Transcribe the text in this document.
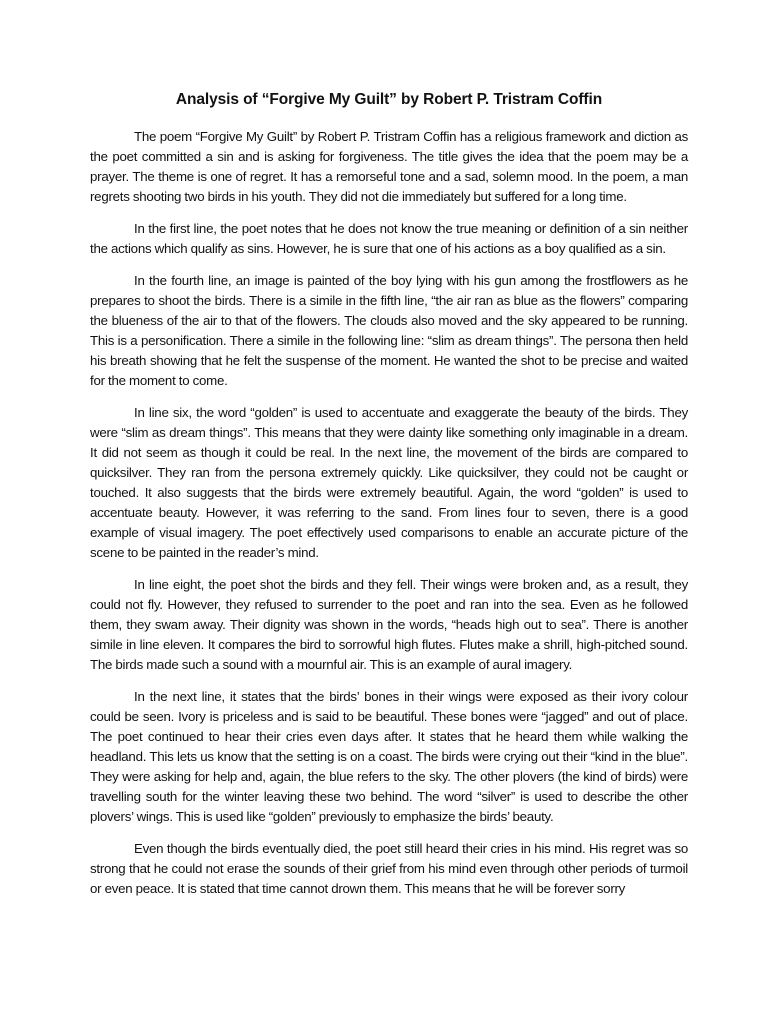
Analysis of “Forgive My Guilt” by Robert P. Tristram Coffin

The poem “Forgive My Guilt” by Robert P. Tristram Coffin has a religious framework and diction as the poet committed a sin and is asking for forgiveness. The title gives the idea that the poem may be a prayer. The theme is one of regret. It has a remorseful tone and a sad, solemn mood. In the poem, a man regrets shooting two birds in his youth. They did not die immediately but suffered for a long time.

In the first line, the poet notes that he does not know the true meaning or definition of a sin neither the actions which qualify as sins. However, he is sure that one of his actions as a boy qualified as a sin.

In the fourth line, an image is painted of the boy lying with his gun among the frostflowers as he prepares to shoot the birds. There is a simile in the fifth line, “the air ran as blue as the flowers” comparing the blueness of the air to that of the flowers. The clouds also moved and the sky appeared to be running. This is a personification. There a simile in the following line: “slim as dream things”. The persona then held his breath showing that he felt the suspense of the moment. He wanted the shot to be precise and waited for the moment to come.

In line six, the word “golden” is used to accentuate and exaggerate the beauty of the birds. They were “slim as dream things”. This means that they were dainty like something only imaginable in a dream. It did not seem as though it could be real. In the next line, the movement of the birds are compared to quicksilver. They ran from the persona extremely quickly. Like quicksilver, they could not be caught or touched. It also suggests that the birds were extremely beautiful. Again, the word “golden” is used to accentuate beauty. However, it was referring to the sand. From lines four to seven, there is a good example of visual imagery. The poet effectively used comparisons to enable an accurate picture of the scene to be painted in the reader’s mind.

In line eight, the poet shot the birds and they fell. Their wings were broken and, as a result, they could not fly. However, they refused to surrender to the poet and ran into the sea. Even as he followed them, they swam away. Their dignity was shown in the words, “heads high out to sea”. There is another simile in line eleven. It compares the bird to sorrowful high flutes. Flutes make a shrill, high-pitched sound. The birds made such a sound with a mournful air. This is an example of aural imagery.

In the next line, it states that the birds’ bones in their wings were exposed as their ivory colour could be seen. Ivory is priceless and is said to be beautiful. These bones were “jagged” and out of place. The poet continued to hear their cries even days after. It states that he heard them while walking the headland. This lets us know that the setting is on a coast. The birds were crying out their “kind in the blue”. They were asking for help and, again, the blue refers to the sky. The other plovers (the kind of birds) were travelling south for the winter leaving these two behind. The word “silver” is used to describe the other plovers’ wings. This is used like “golden” previously to emphasize the birds’ beauty.

Even though the birds eventually died, the poet still heard their cries in his mind. His regret was so strong that he could not erase the sounds of their grief from his mind even through other periods of turmoil or even peace. It is stated that time cannot drown them. This means that he will be forever sorry
